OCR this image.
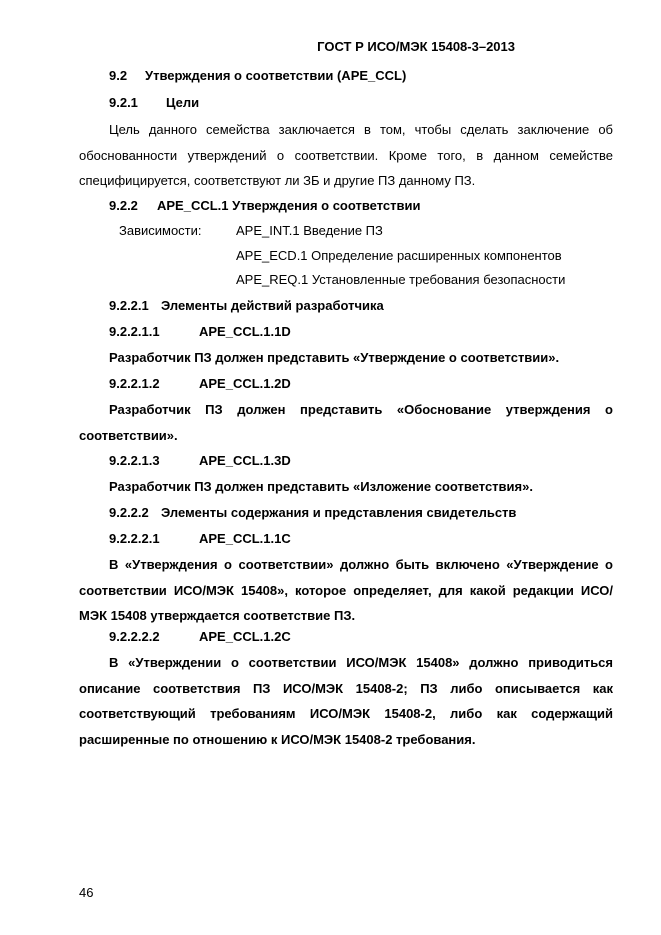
ГОСТ Р ИСО/МЭК 15408-3–2013
9.2 Утверждения о соответствии (APE_CCL)
9.2.1 Цели
Цель данного семейства заключается в том, чтобы сделать заключение об обоснованности утверждений о соответствии. Кроме того, в данном семействе специфицируется, соответствуют ли ЗБ и другие ПЗ данному ПЗ.
9.2.2 APE_CCL.1 Утверждения о соответствии
Зависимости:	APE_INT.1 Введение ПЗ
APE_ECD.1 Определение расширенных компонентов
APE_REQ.1 Установленные требования безопасности
9.2.2.1 Элементы действий разработчика
9.2.2.1.1	APE_CCL.1.1D
Разработчик ПЗ должен представить «Утверждение о соответствии».
9.2.2.1.2	APE_CCL.1.2D
Разработчик ПЗ должен представить «Обоснование утверждения о соответствии».
9.2.2.1.3	APE_CCL.1.3D
Разработчик ПЗ должен представить «Изложение соответствия».
9.2.2.2 Элементы содержания и представления свидетельств
9.2.2.2.1	APE_CCL.1.1C
В «Утверждения о соответствии» должно быть включено «Утверждение о соответствии ИСО/МЭК 15408», которое определяет, для какой редакции ИСО/МЭК 15408 утверждается соответствие ПЗ.
9.2.2.2.2	APE_CCL.1.2C
В «Утверждении о соответствии ИСО/МЭК 15408» должно приводиться описание соответствия ПЗ ИСО/МЭК 15408-2; ПЗ либо описывается как соответствующий требованиям ИСО/МЭК 15408-2, либо как содержащий расширенные по отношению к ИСО/МЭК 15408-2 требования.
46
